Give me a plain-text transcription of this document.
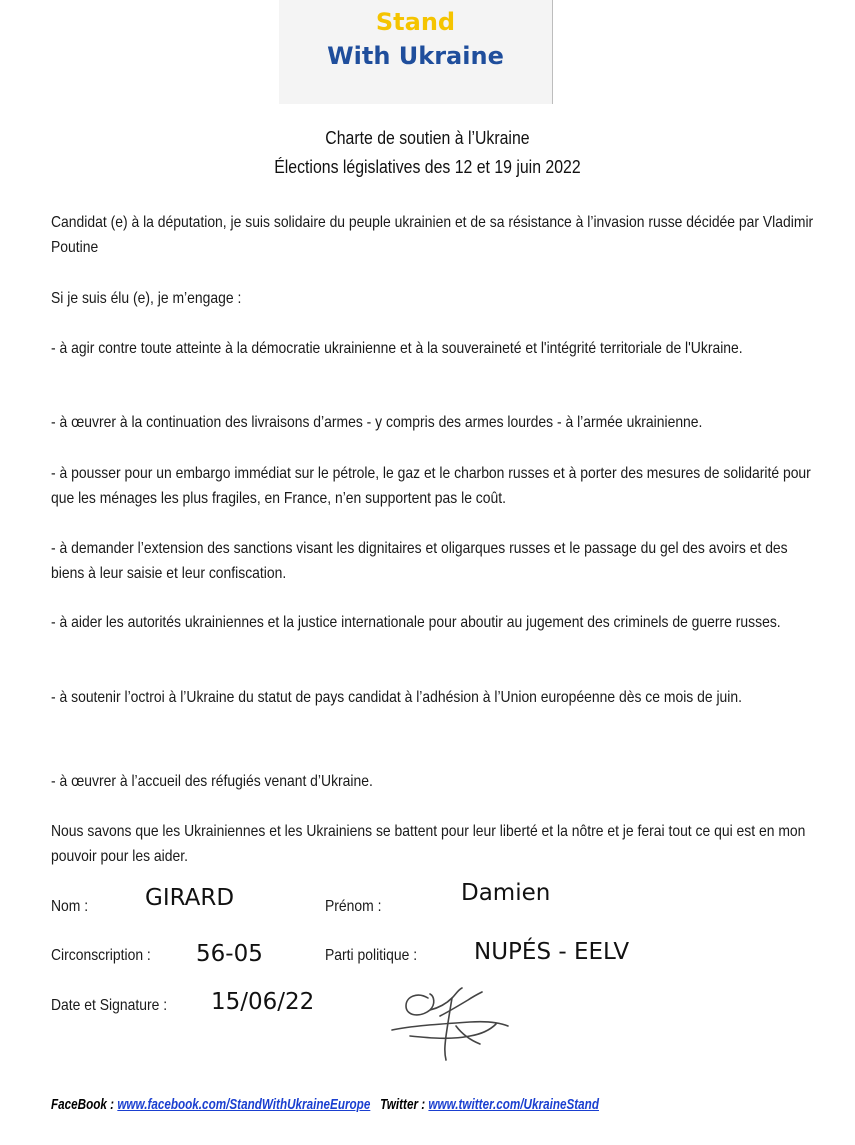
Stand
With Ukraine
Charte de soutien à l’Ukraine
Élections législatives des 12 et 19 juin 2022

Candidat (e) à la députation, je suis solidaire du peuple ukrainien et de sa résistance à l’invasion russe décidée par Vladimir Poutine

Si je suis élu (e), je m’engage :

- à agir contre toute atteinte à la démocratie ukrainienne et à la souveraineté et l'intégrité territoriale de l'Ukraine.

- à œuvrer à la continuation des livraisons d’armes - y compris des armes lourdes - à l’armée ukrainienne.

- à pousser pour un embargo immédiat sur le pétrole, le gaz et le charbon russes et à porter des mesures de solidarité pour que les ménages les plus fragiles, en France, n’en supportent pas le coût.

- à demander l’extension des sanctions visant les dignitaires et oligarques russes et le passage du gel des avoirs et des biens à leur saisie et leur confiscation.

- à aider les autorités ukrainiennes et la justice internationale pour aboutir au jugement des criminels de guerre russes.

- à soutenir l’octroi à l’Ukraine du statut de pays candidat à l’adhésion à l’Union européenne dès ce mois de juin.

- à œuvrer à l’accueil des réfugiés venant d’Ukraine.

Nous savons que les Ukrainiennes et les Ukrainiens se battent pour leur liberté et la nôtre et je ferai tout ce qui est en mon pouvoir pour les aider.

Nom : GIRARD	Prénom :
Damien
Circonscription : 56-05	Parti politique : NUPÉS - EELV
Date et Signature : 15/06/22
FaceBook : www.facebook.com/StandWithUkraineEurope Twitter : www.twitter.com/UkraineStand
